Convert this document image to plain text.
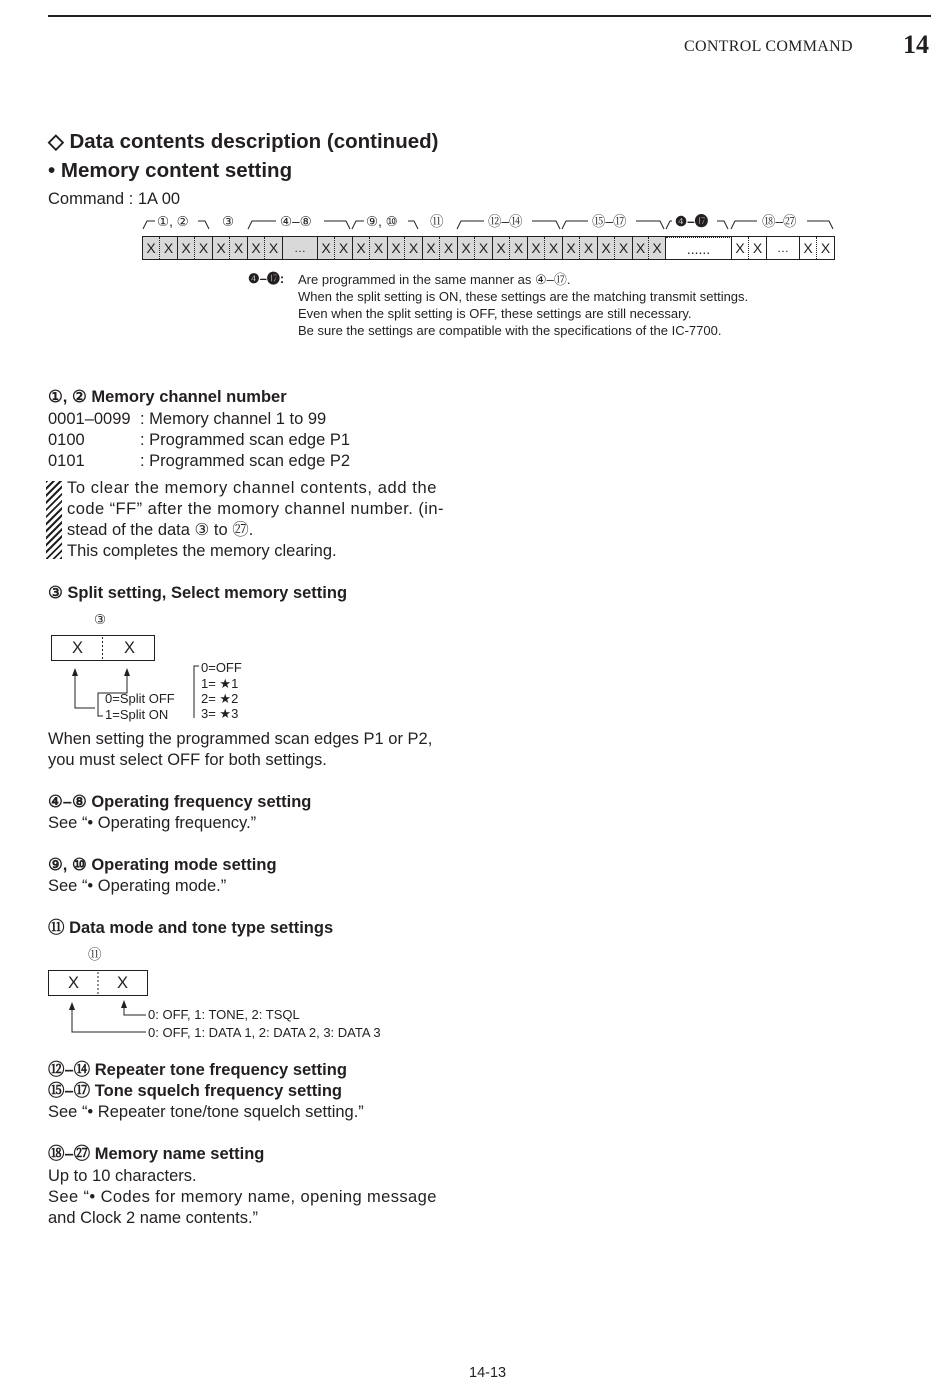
CONTROL COMMAND 14
◇ Data contents description (continued)
• Memory content setting
Command : 1A 00
①, ② ③	④–⑧	⑨, ⑩ ⑪	⑫–⑭	⑮–⑰	❹–⓱	⑱–㉗
X X X X X X X X	…	X X X X X X X X X X X X X X X X X X X X	......	X X	…	X X
❹–⓱: Are programmed in the same manner as ④–⑰.
When the split setting is ON, these settings are the matching transmit settings.
Even when the split setting is OFF, these settings are still necessary.
Be sure the settings are compatible with the specifications of the IC-7700.
①, ② Memory channel number
0001–0099 : Memory channel 1 to 99
0100	: Programmed scan edge P1
0101	: Programmed scan edge P2
To clear the memory channel contents, add the
code “FF” after the momory channel number. (in-
stead of the data ③ to ㉗.
This completes the memory clearing.
③ Split setting, Select memory setting
③
X X
0=Split OFF
1=Split ON
0=OFF
1= ★1
2= ★2
3= ★3
When setting the programmed scan edges P1 or P2,
you must select OFF for both settings.
④–⑧ Operating frequency setting
See “• Operating frequency.”
⑨, ⑩ Operating mode setting
See “• Operating mode.”
⑪ Data mode and tone type settings
⑪
X X
0: OFF, 1: TONE, 2: TSQL
0: OFF, 1: DATA 1, 2: DATA 2, 3: DATA 3
⑫–⑭ Repeater tone frequency setting
⑮–⑰ Tone squelch frequency setting
See “• Repeater tone/tone squelch setting.”
⑱–㉗ Memory name setting
Up to 10 characters.
See “• Codes for memory name, opening message
and Clock 2 name contents.”
14-13
